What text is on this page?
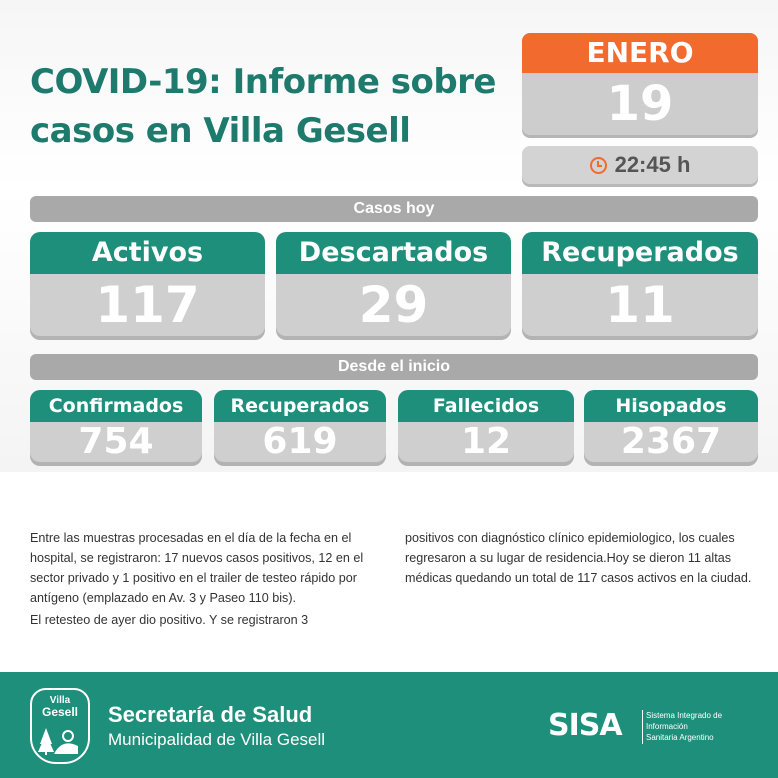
COVID-19: Informe sobre
casos en Villa Gesell
ENERO
19
22:45 h
Casos hoy
Activos
117
Descartados
29
Recuperados
11
Desde el inicio
Confirmados
754
Recuperados
619
Fallecidos
12
Hisopados
2367

Entre las muestras procesadas en el día de la fecha en el hospital, se registraron: 17 nuevos casos positivos, 12 en el sector privado y 1 positivo en el trailer de testeo rápido por antígeno (emplazado en Av. 3 y Paseo 110 bis).

El retesteo de ayer dio positivo. Y se registraron 3

positivos con diagnóstico clínico epidemiologico, los cuales regresaron a su lugar de residencia.Hoy se dieron 11 altas médicas quedando un total de 117 casos activos en la ciudad.

Villa
Gesell	Secretaría de Salud
Municipalidad de Villa Gesell	SISA	Sistema Integrado de
Información
Sanitaria Argentino
